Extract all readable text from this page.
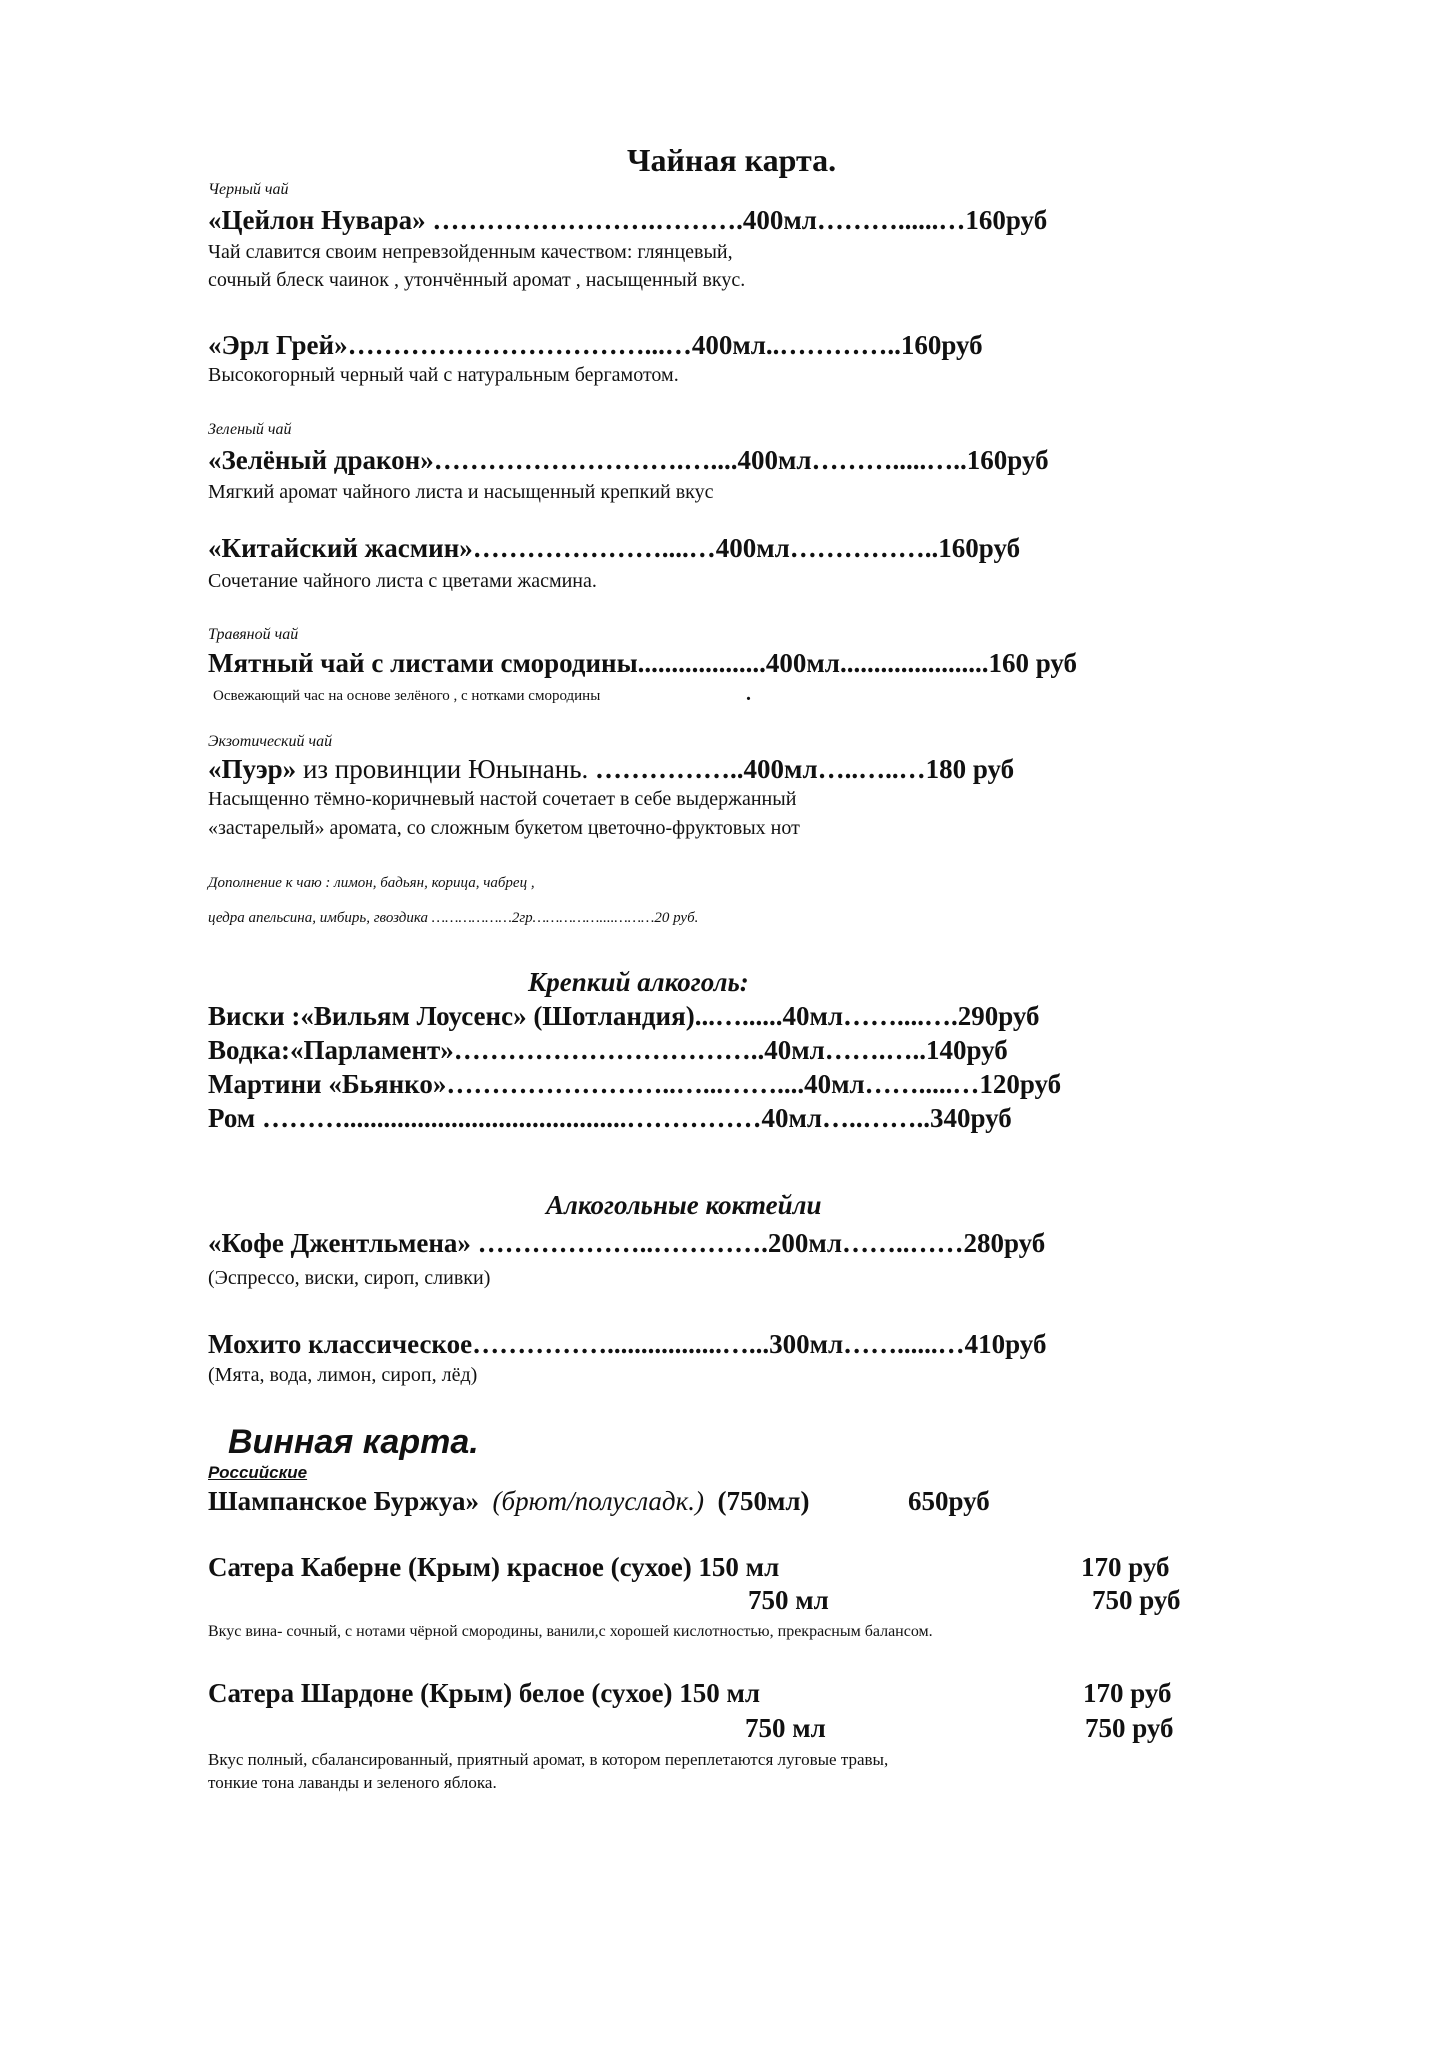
Чайная карта.
Черный чай
«Цейлон Нувара» …………………….……….400мл………......…160руб
Чай славится своим непревзойденным качеством: глянцевый,
сочный блеск чаинок , утончённый аромат , насыщенный вкус.
«Эрл Грей»……………………………...…400мл..…………..160руб
Высокогорный черный чай с натуральным бергамотом.
Зеленый чай
«Зелёный дракон»……………………….…....400мл……….....…..160руб
Мягкий аромат чайного листа и насыщенный крепкий вкус
«Китайский жасмин»…………………....…400мл……………..160руб
Сочетание чайного листа с цветами жасмина.
Травяной чай
Мятный чай с листами смородины...................400мл......................160 руб
Освежающий час на основе зелёного , с нотками смородины	.
Экзотический чай
«Пуэр» из провинции Юнынань. ……………..400мл…..…..…180 руб
Насыщенно тёмно-коричневый настой сочетает в себе выдержанный
«застарелый» аромата, со сложным букетом цветочно-фруктовых нот
Дополнение к чаю : лимон, бадьян, корица, чабрец ,
цедра апельсина, имбирь, гвоздика ………………2гр……………....………20 руб.
Крепкий алкоголь:
Виски :«Вильям Лоусенс» (Шотландия)...…......40мл……....….290руб
Водка:«Парламент»……………………………..40мл…….…..140руб
Мартини «Бьянко»……………………..…...……....40мл…….....…120руб
Ром ………..........................................……………40мл…..……..340руб
Алкогольные коктейли
«Кофе Джентльмена» ………………..………….200мл……..……280руб
(Эспрессо, виски, сироп, сливки)
Мохито классическое…………….................…...300мл……......…410руб
(Мята, вода, лимон, сироп, лёд)
Винная карта.
Российские
Шампанское Буржуа» (брют/полусладк.) (750мл)	650руб
Сатера Каберне (Крым) красное (сухое) 150 мл	170 руб
750 мл	750 руб
Вкус вина- сочный, с нотами чёрной смородины, ванили,с хорошей кислотностью, прекрасным балансом.
Сатера Шардоне (Крым) белое (сухое) 150 мл	170 руб
750 мл	750 руб
Вкус полный, сбалансированный, приятный аромат, в котором переплетаются луговые травы,
тонкие тона лаванды и зеленого яблока.
